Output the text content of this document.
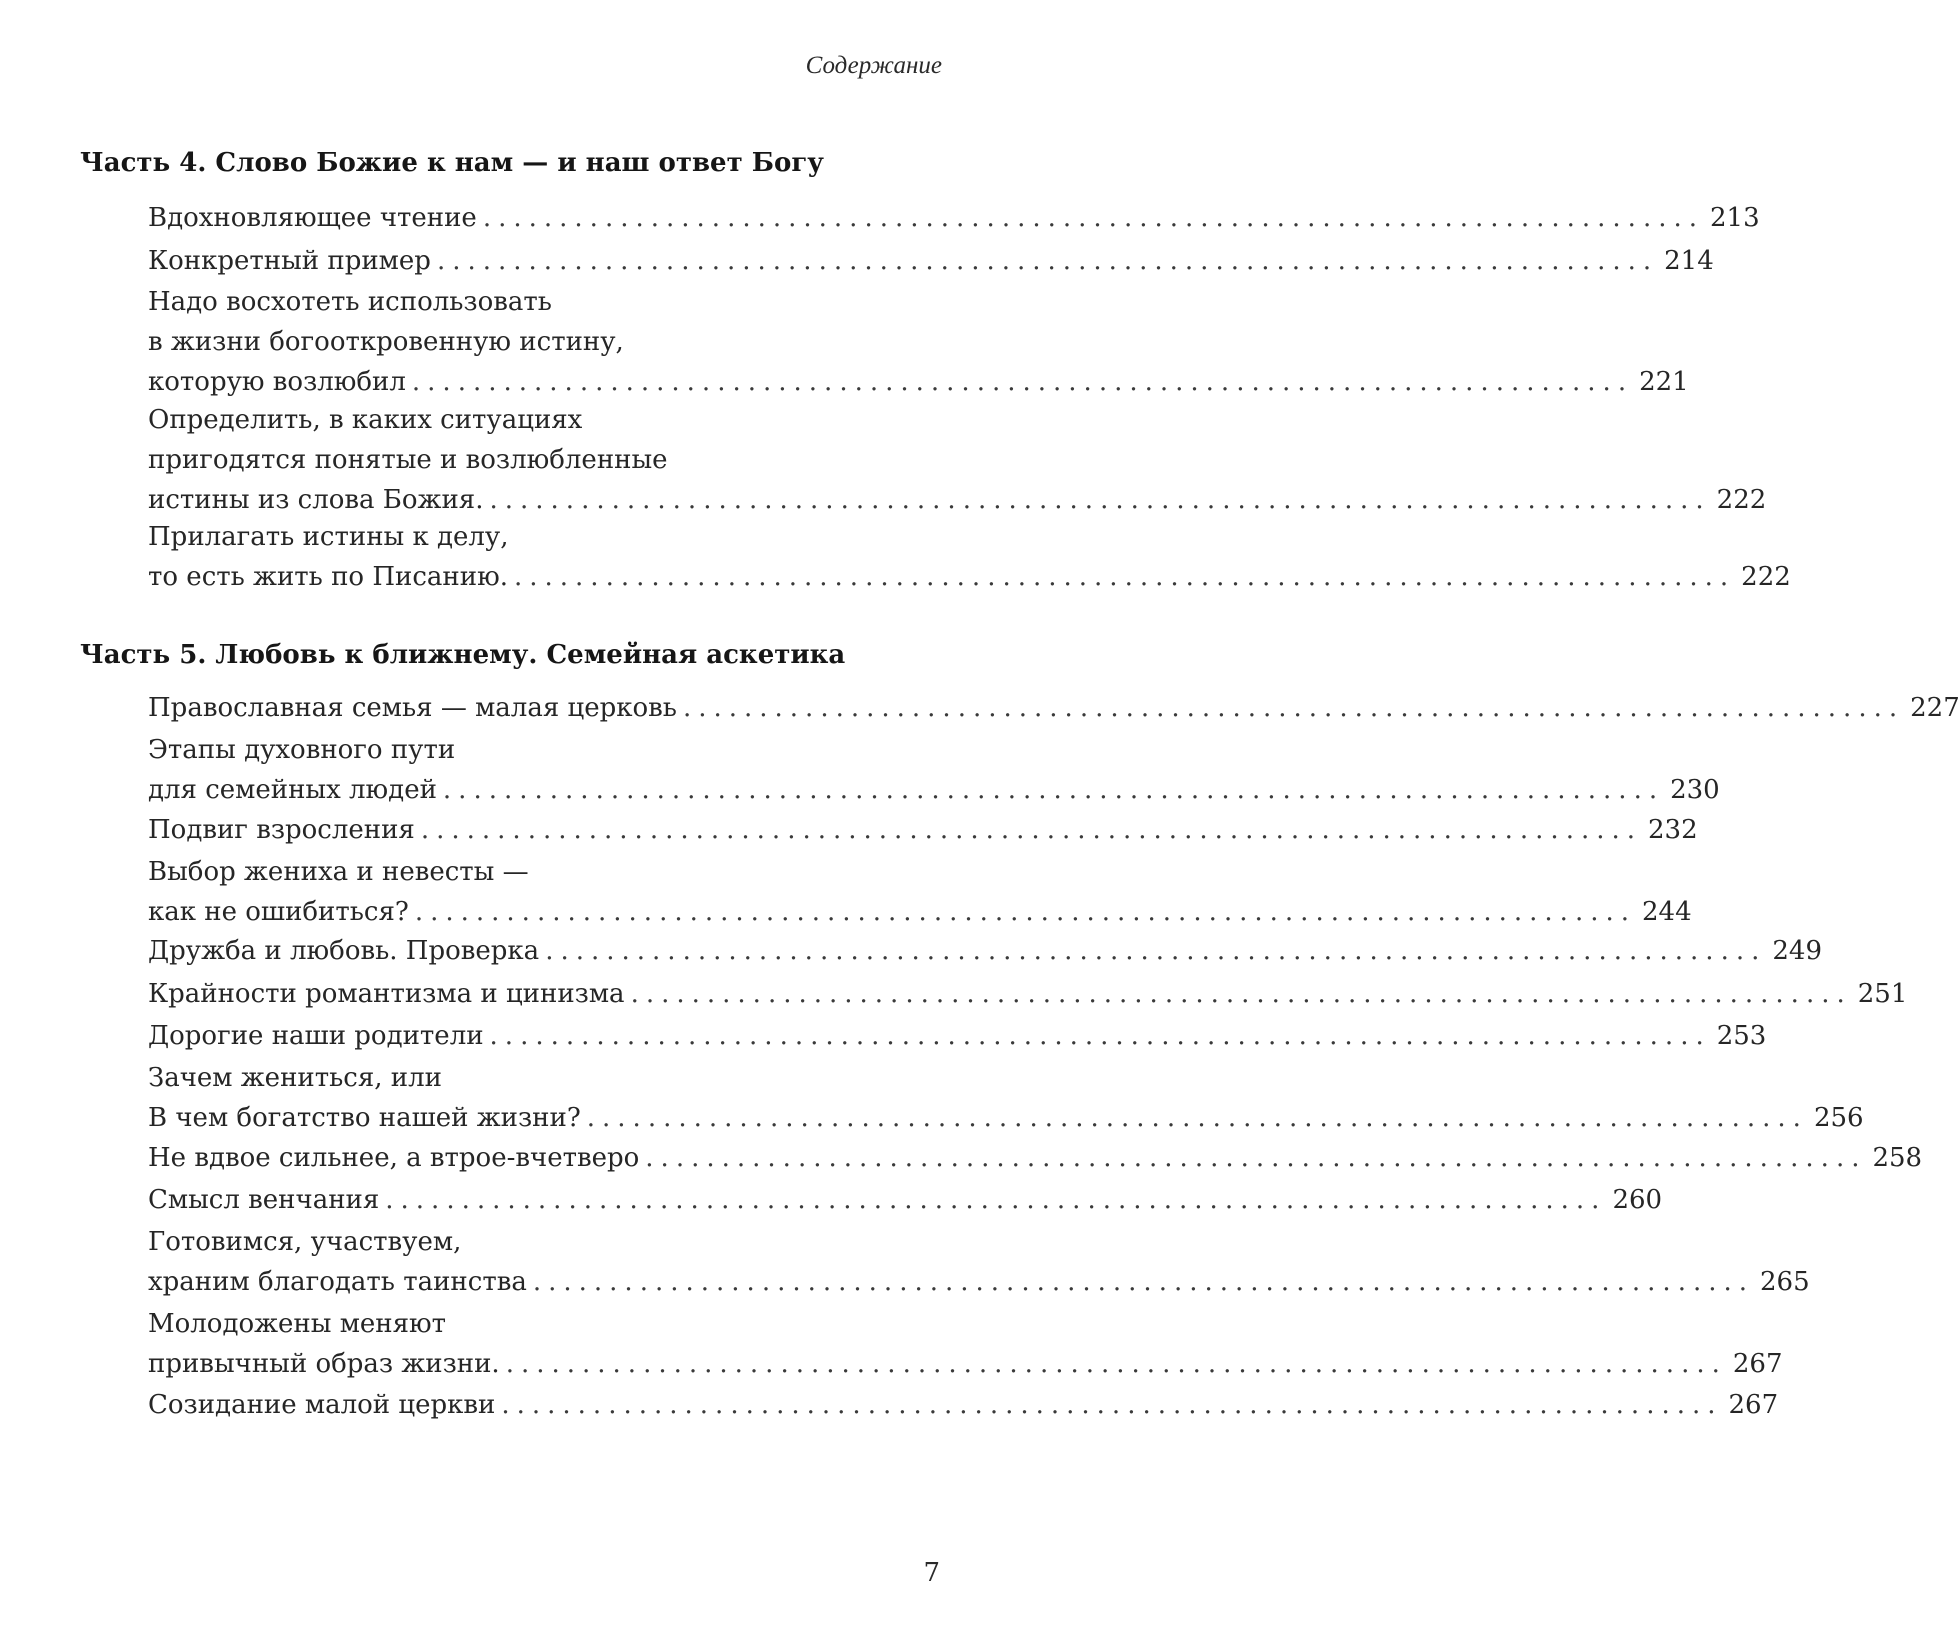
Содержание
Часть 4. Слово Божие к нам — и наш ответ Богу
Вдохновляющее чтение ................................................................................ 213
Конкретный пример ................................................................................ 214
Надо восхотеть использовать
в жизни богооткровенную истину,
которую возлюбил ................................................................................ 221
Определить, в каких ситуациях
пригодятся понятые и возлюбленные
истины из слова Божия. ................................................................................ 222
Прилагать истины к делу,
то есть жить по Писанию. ................................................................................ 222
Часть 5. Любовь к ближнему. Семейная аскетика
Православная семья — малая церковь ................................................................................ 227
Этапы духовного пути
для семейных людей ................................................................................ 230
Подвиг взросления ................................................................................ 232
Выбор жениха и невесты —
как не ошибиться? ................................................................................ 244
Дружба и любовь. Проверка ................................................................................ 249
Крайности романтизма и цинизма ................................................................................ 251
Дорогие наши родители ................................................................................ 253
Зачем жениться, или
В чем богатство нашей жизни? ................................................................................ 256
Не вдвое сильнее, а втрое-вчетверо ................................................................................ 258
Смысл венчания ................................................................................ 260
Готовимся, участвуем,
храним благодать таинства ................................................................................ 265
Молодожены меняют
привычный образ жизни. ................................................................................ 267
Созидание малой церкви ................................................................................ 267
7
